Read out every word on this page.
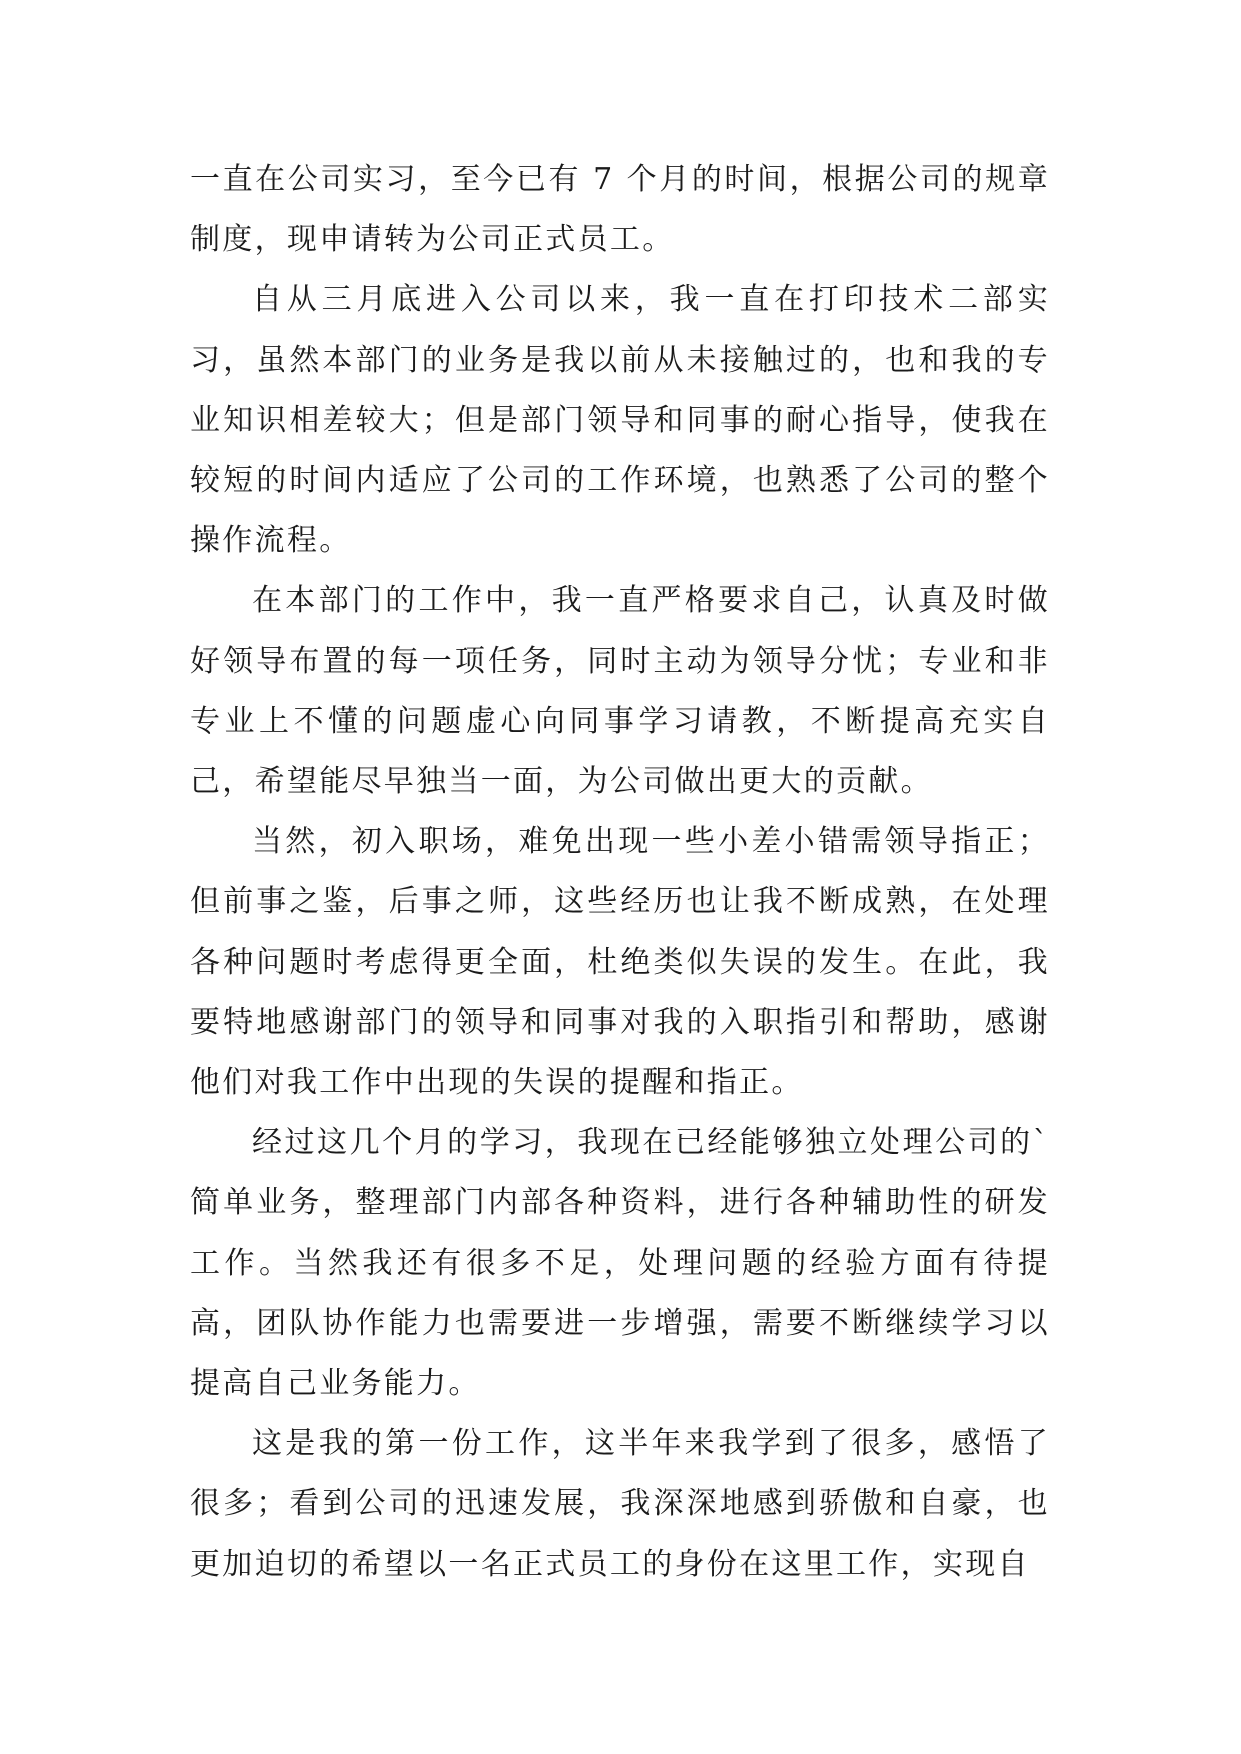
一直在公司实习，至今已有 7 个月的时间，根据公司的规章制度，现申请转为公司正式员工。

自从三月底进入公司以来，我一直在打印技术二部实习，虽然本部门的业务是我以前从未接触过的，也和我的专业知识相差较大；但是部门领导和同事的耐心指导，使我在较短的时间内适应了公司的工作环境，也熟悉了公司的整个操作流程。

在本部门的工作中，我一直严格要求自己，认真及时做好领导布置的每一项任务，同时主动为领导分忧；专业和非专业上不懂的问题虚心向同事学习请教，不断提高充实自己，希望能尽早独当一面，为公司做出更大的贡献。

当然，初入职场，难免出现一些小差小错需领导指正；但前事之鉴，后事之师，这些经历也让我不断成熟，在处理各种问题时考虑得更全面，杜绝类似失误的发生。在此，我要特地感谢部门的领导和同事对我的入职指引和帮助，感谢他们对我工作中出现的失误的提醒和指正。

经过这几个月的学习，我现在已经能够独立处理公司的`简单业务，整理部门内部各种资料，进行各种辅助性的研发工作。当然我还有很多不足，处理问题的经验方面有待提高，团队协作能力也需要进一步增强，需要不断继续学习以提高自己业务能力。

这是我的第一份工作，这半年来我学到了很多，感悟了很多；看到公司的迅速发展，我深深地感到骄傲和自豪，也更加迫切的希望以一名正式员工的身份在这里工作，实现自
